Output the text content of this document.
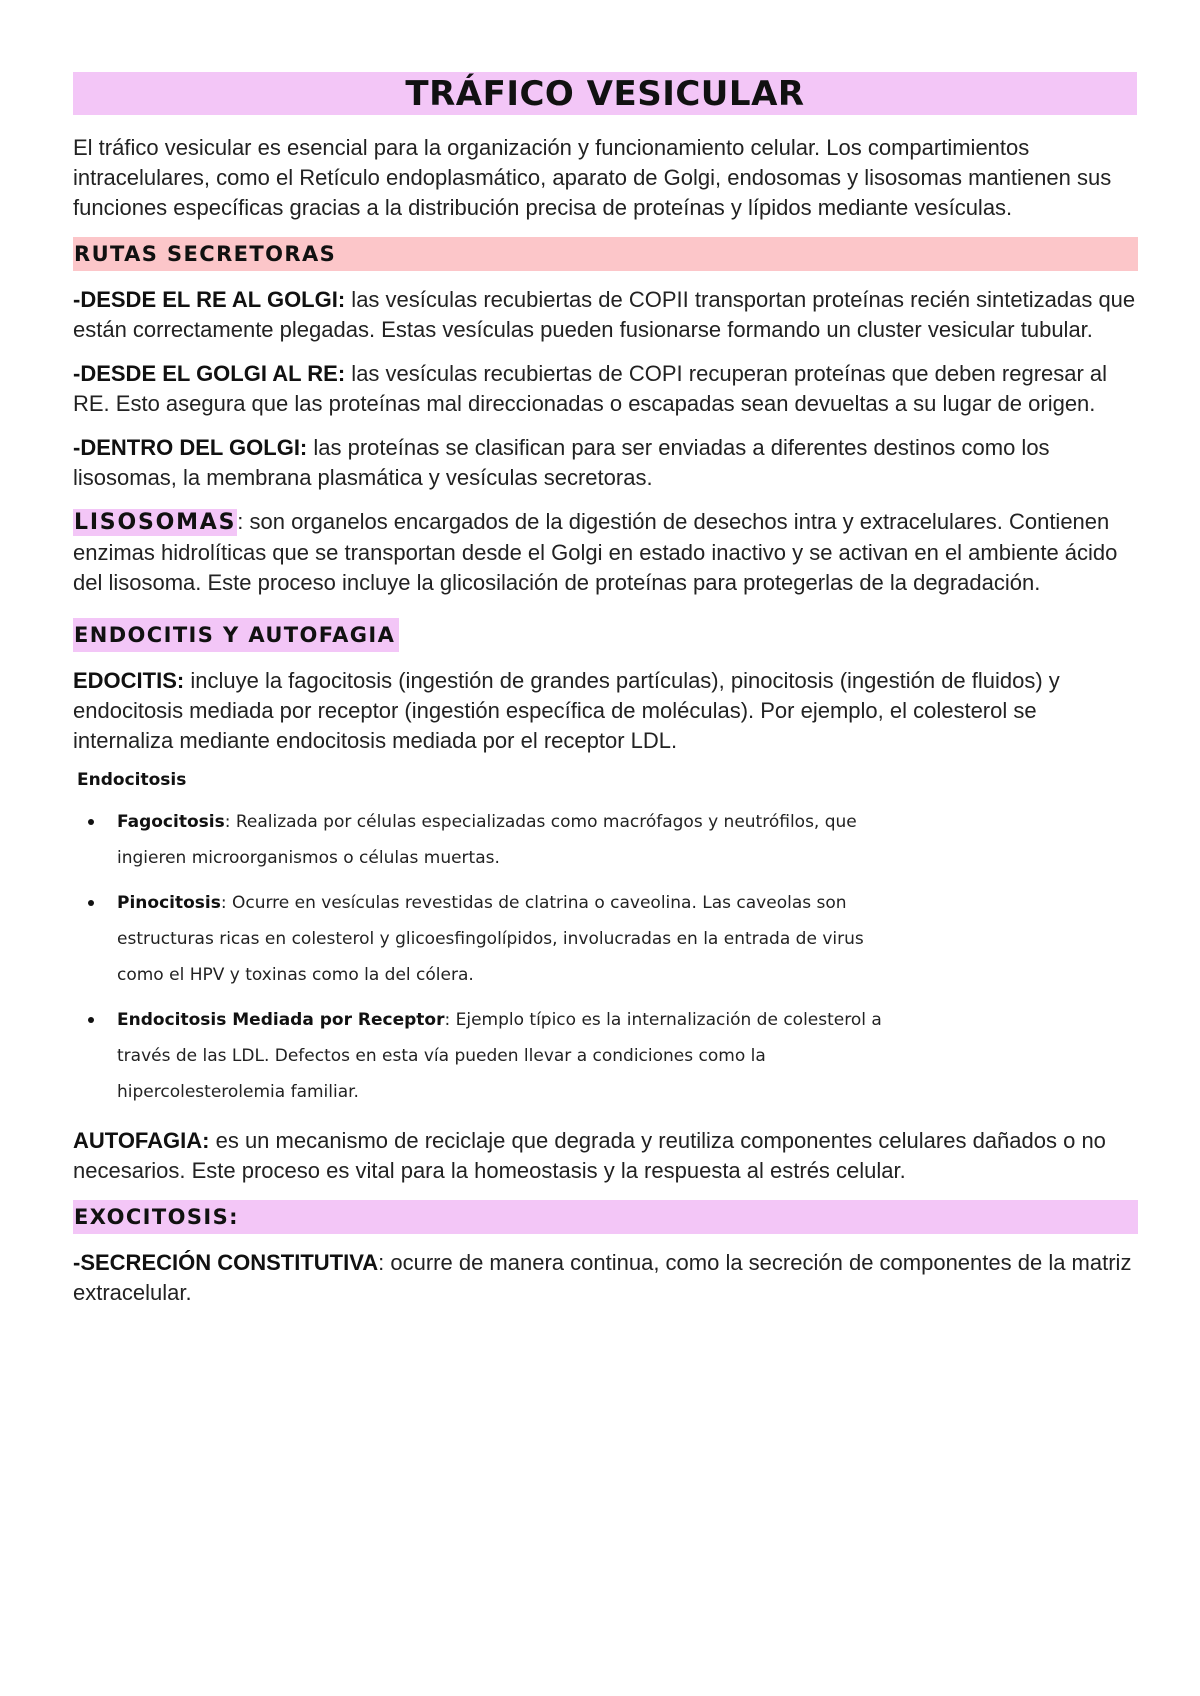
TRÁFICO VESICULAR

El tráfico vesicular es esencial para la organización y funcionamiento celular. Los compartimientos intracelulares, como el Retículo endoplasmático, aparato de Golgi, endosomas y lisosomas mantienen sus funciones específicas gracias a la distribución precisa de proteínas y lípidos mediante vesículas.

RUTAS SECRETORAS

-DESDE EL RE AL GOLGI: las vesículas recubiertas de COPII transportan proteínas recién sintetizadas que están correctamente plegadas. Estas vesículas pueden fusionarse formando un cluster vesicular tubular.

-DESDE EL GOLGI AL RE: las vesículas recubiertas de COPI recuperan proteínas que deben regresar al RE. Esto asegura que las proteínas mal direccionadas o escapadas sean devueltas a su lugar de origen.

-DENTRO DEL GOLGI: las proteínas se clasifican para ser enviadas a diferentes destinos como los lisosomas, la membrana plasmática y vesículas secretoras.

LISOSOMAS: son organelos encargados de la digestión de desechos intra y extracelulares. Contienen enzimas hidrolíticas que se transportan desde el Golgi en estado inactivo y se activan en el ambiente ácido del lisosoma. Este proceso incluye la glicosilación de proteínas para protegerlas de la degradación.

ENDOCITIS Y AUTOFAGIA

EDOCITIS: incluye la fagocitosis (ingestión de grandes partículas), pinocitosis (ingestión de fluidos) y endocitosis mediada por receptor (ingestión específica de moléculas). Por ejemplo, el colesterol se internaliza mediante endocitosis mediada por el receptor LDL.

Endocitosis
Fagocitosis: Realizada por células especializadas como macrófagos y neutrófilos, que ingieren microorganismos o células muertas.
Pinocitosis: Ocurre en vesículas revestidas de clatrina o caveolina. Las caveolas son estructuras ricas en colesterol y glicoesfingolípidos, involucradas en la entrada de virus como el HPV y toxinas como la del cólera.
Endocitosis Mediada por Receptor: Ejemplo típico es la internalización de colesterol a través de las LDL. Defectos en esta vía pueden llevar a condiciones como la hipercolesterolemia familiar.

AUTOFAGIA: es un mecanismo de reciclaje que degrada y reutiliza componentes celulares dañados o no necesarios. Este proceso es vital para la homeostasis y la respuesta al estrés celular.

EXOCITOSIS:

-SECRECIÓN CONSTITUTIVA: ocurre de manera continua, como la secreción de componentes de la matriz extracelular.
